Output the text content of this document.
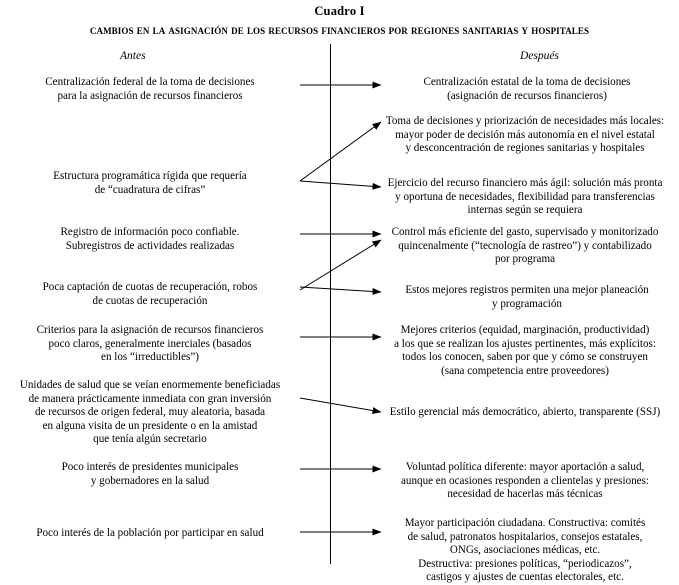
Cuadro I
cambios en la asignación de los recursos financieros por regiones sanitarias y hospitales
Antes	Después
Centralización federal de la toma de decisiones
para la asignación de recursos financieros
Estructura programática rígida que requería
de “cuadratura de cifras”
Registro de información poco confiable.
Subregistros de actividades realizadas
Poca captación de cuotas de recuperación, robos
de cuotas de recuperación
Criterios para la asignación de recursos financieros
poco claros, generalmente inerciales (basados
en los “irreductibles”)
Unidades de salud que se veían enormemente beneficiadas
de manera prácticamente inmediata con gran inversión
de recursos de origen federal, muy aleatoria, basada
en alguna visita de un presidente o en la amistad
que tenía algún secretario
Poco interés de presidentes municipales
y gobernadores en la salud
Poco interés de la población por participar en salud
Centralización estatal de la toma de decisiones
(asignación de recursos financieros)
Toma de decisiones y priorización de necesidades más locales:
mayor poder de decisión más autonomía en el nivel estatal
y desconcentración de regiones sanitarias y hospitales
Ejercicio del recurso financiero más ágil: solución más pronta
y oportuna de necesidades, flexibilidad para transferencias
internas según se requiera
Control más eficiente del gasto, supervisado y monitorizado
quincenalmente (“tecnología de rastreo”) y contabilizado
por programa
Estos mejores registros permiten una mejor planeación
y programación
Mejores criterios (equidad, marginación, productividad)
a los que se realizan los ajustes pertinentes, más explícitos:
todos los conocen, saben por que y cómo se construyen
(sana competencia entre proveedores)
Estilo gerencial más democrático, abierto, transparente (SSJ)
Voluntad política diferente: mayor aportación a salud,
aunque en ocasiones responden a clientelas y presiones:
necesidad de hacerlas más técnicas
Mayor participación ciudadana. Constructiva: comités
de salud, patronatos hospitalarios, consejos estatales,
ONGs, asociaciones médicas, etc.
Destructiva: presiones políticas, “periodicazos”,
castigos y ajustes de cuentas electorales, etc.
